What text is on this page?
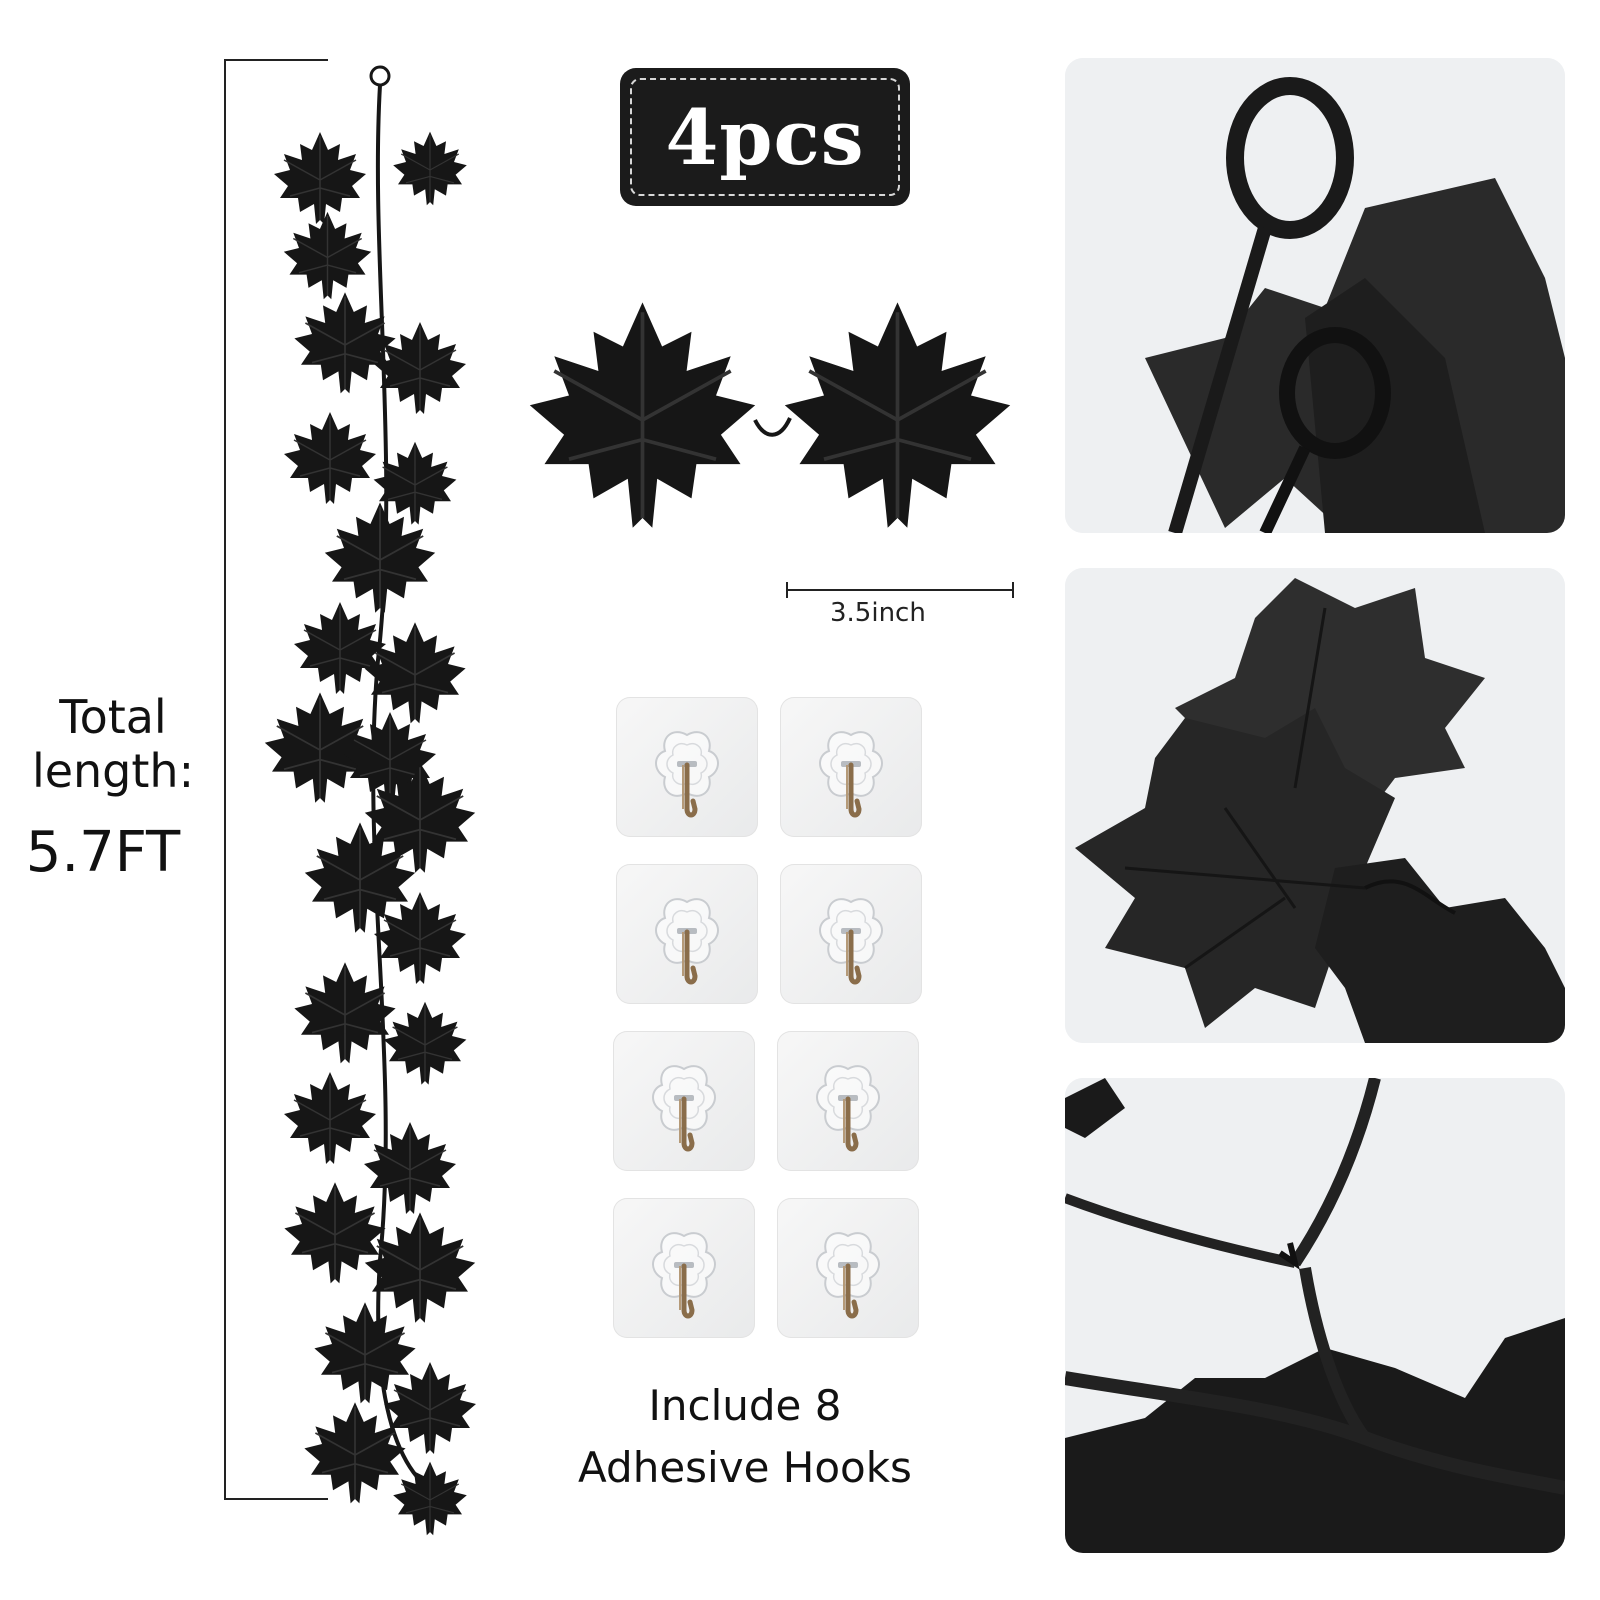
Total
length:
5.7FT
4pcs
3.5inch
Include 8
Adhesive Hooks
